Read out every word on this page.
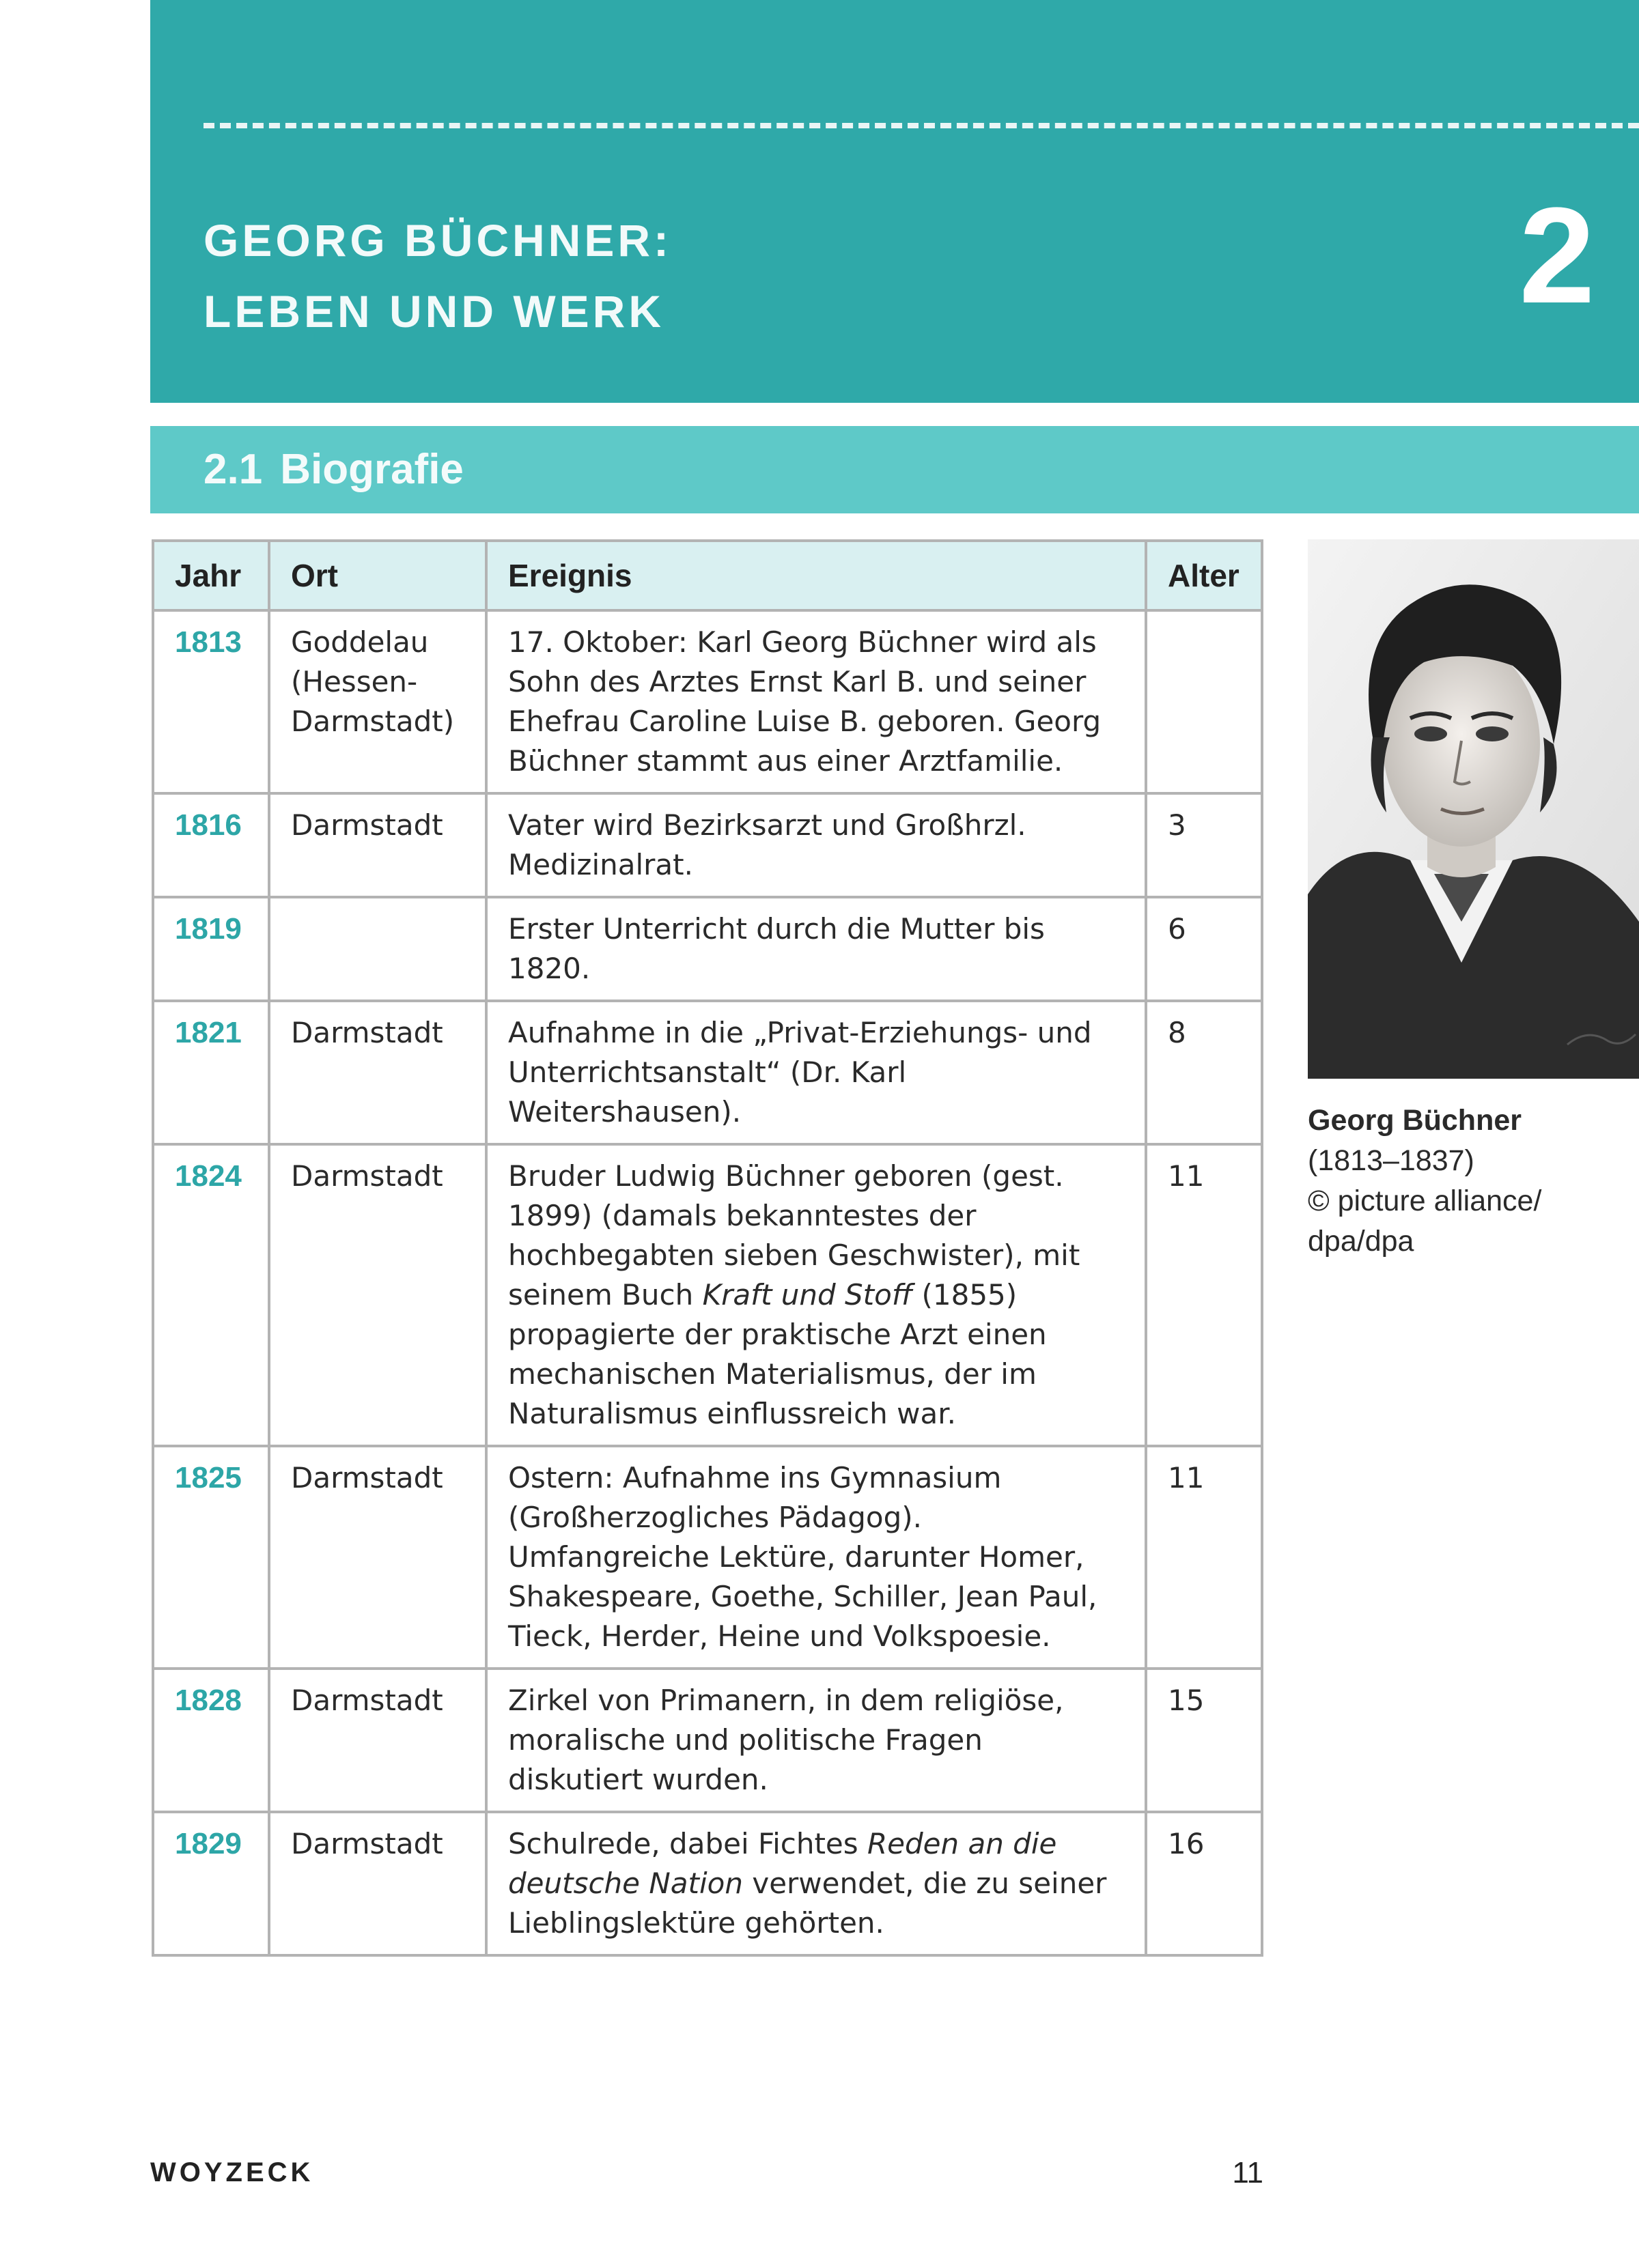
GEORG BÜCHNER:
LEBEN UND WERK	2
2.1 Biografie
Jahr	Ort	Ereignis	Alter
1813	Goddelau (Hessen-Darmstadt)	17. Oktober: Karl Georg Büchner wird als Sohn des Arztes Ernst Karl B. und seiner Ehefrau Caroline Luise B. geboren. Georg Büchner stammt aus einer Arztfamilie.	
1816	Darmstadt	Vater wird Bezirksarzt und Großhrzl. Medizinalrat.	3
1819		Erster Unterricht durch die Mutter bis 1820.	6
1821	Darmstadt	Aufnahme in die „Privat-Erziehungs- und Unterrichtsanstalt“ (Dr. Karl Weitershausen).	8
1824	Darmstadt	Bruder Ludwig Büchner geboren (gest. 1899) (damals bekanntestes der hochbegabten sieben Geschwister), mit seinem Buch Kraft und Stoff (1855) propagierte der praktische Arzt einen mechanischen Materialismus, der im Naturalismus einflussreich war.	11
1825	Darmstadt	Ostern: Aufnahme ins Gymnasium (Großherzogliches Pädagog). Umfangreiche Lektüre, darunter Homer, Shakespeare, Goethe, Schiller, Jean Paul, Tieck, Herder, Heine und Volkspoesie.	11
1828	Darmstadt	Zirkel von Primanern, in dem religiöse, moralische und politische Fragen diskutiert wurden.	15
1829	Darmstadt	Schulrede, dabei Fichtes Reden an die deutsche Nation verwendet, die zu seiner Lieblingslektüre gehörten.	16
Georg Büchner
(1813–1837)
© picture alliance/
dpa/dpa
WOYZECK	11
